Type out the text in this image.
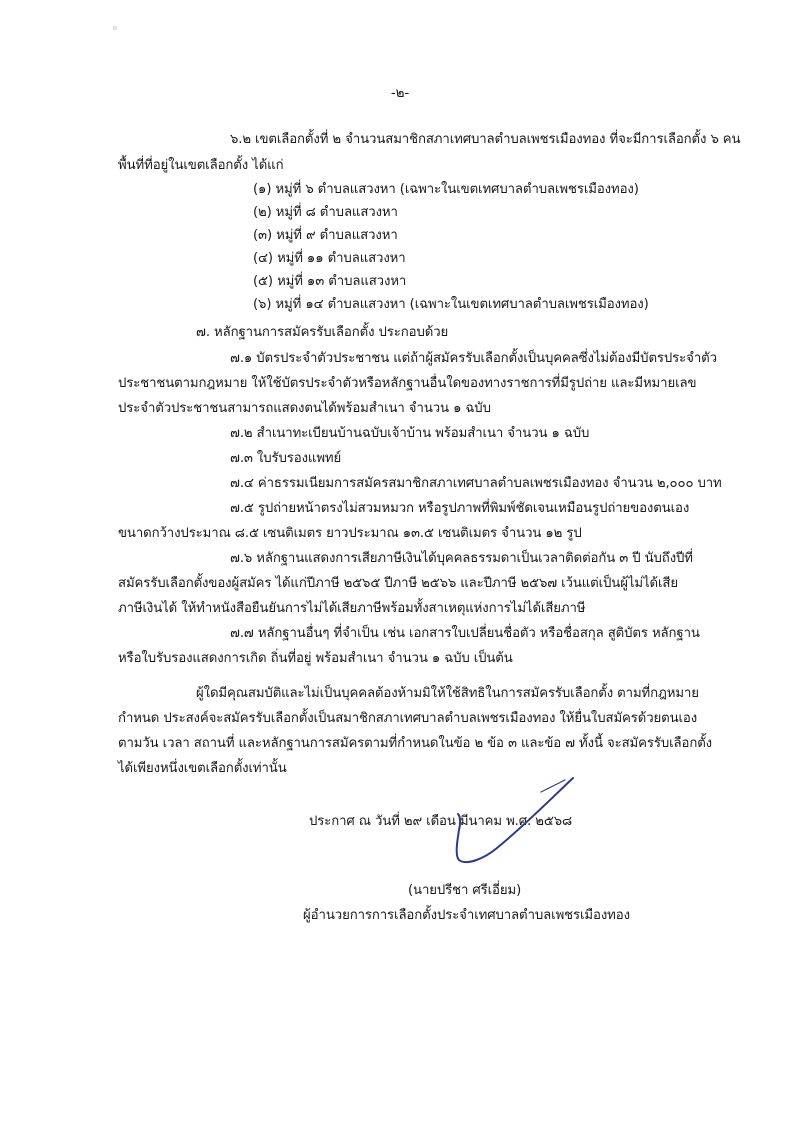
๑
-๒-
๖.๒ เขตเลือกตั้งที่ ๒ จำนวนสมาชิกสภาเทศบาลตำบลเพชรเมืองทอง ที่จะมีการเลือกตั้ง ๖ คน
พื้นที่ที่อยู่ในเขตเลือกตั้ง ได้แก่
(๑) หมู่ที่ ๖ ตำบลแสวงหา (เฉพาะในเขตเทศบาลตำบลเพชรเมืองทอง)
(๒) หมู่ที่ ๘ ตำบลแสวงหา
(๓) หมู่ที่ ๙ ตำบลแสวงหา
(๔) หมู่ที่ ๑๑ ตำบลแสวงหา
(๕) หมู่ที่ ๑๓ ตำบลแสวงหา
(๖) หมู่ที่ ๑๔ ตำบลแสวงหา (เฉพาะในเขตเทศบาลตำบลเพชรเมืองทอง)
๗. หลักฐานการสมัครรับเลือกตั้ง ประกอบด้วย
๗.๑ บัตรประจำตัวประชาชน แต่ถ้าผู้สมัครรับเลือกตั้งเป็นบุคคลซึ่งไม่ต้องมีบัตรประจำตัว
ประชาชนตามกฎหมาย ให้ใช้บัตรประจำตัวหรือหลักฐานอื่นใดของทางราชการที่มีรูปถ่าย และมีหมายเลข
ประจำตัวประชาชนสามารถแสดงตนได้พร้อมสำเนา จำนวน ๑ ฉบับ
๗.๒ สำเนาทะเบียนบ้านฉบับเจ้าบ้าน พร้อมสำเนา จำนวน ๑ ฉบับ
๗.๓ ใบรับรองแพทย์
๗.๔ ค่าธรรมเนียมการสมัครสมาชิกสภาเทศบาลตำบลเพชรเมืองทอง จำนวน ๒,๐๐๐ บาท
๗.๕ รูปถ่ายหน้าตรงไม่สวมหมวก หรือรูปภาพที่พิมพ์ชัดเจนเหมือนรูปถ่ายของตนเอง
ขนาดกว้างประมาณ ๘.๕ เซนติเมตร ยาวประมาณ ๑๓.๕ เซนติเมตร จำนวน ๑๒ รูป
๗.๖ หลักฐานแสดงการเสียภาษีเงินได้บุคคลธรรมดาเป็นเวลาติดต่อกัน ๓ ปี นับถึงปีที่
สมัครรับเลือกตั้งของผู้สมัคร ได้แก่ปีภาษี ๒๕๖๕ ปีภาษี ๒๕๖๖ และปีภาษี ๒๕๖๗ เว้นแต่เป็นผู้ไม่ได้เสีย
ภาษีเงินได้ ให้ทำหนังสือยืนยันการไม่ได้เสียภาษีพร้อมทั้งสาเหตุแห่งการไม่ได้เสียภาษี
๗.๗ หลักฐานอื่นๆ ที่จำเป็น เช่น เอกสารใบเปลี่ยนชื่อตัว หรือชื่อสกุล สูติบัตร หลักฐาน
หรือใบรับรองแสดงการเกิด ถิ่นที่อยู่ พร้อมสำเนา จำนวน ๑ ฉบับ เป็นต้น
ผู้ใดมีคุณสมบัติและไม่เป็นบุคคลต้องห้ามมิให้ใช้สิทธิในการสมัครรับเลือกตั้ง ตามที่กฎหมาย
กำหนด ประสงค์จะสมัครรับเลือกตั้งเป็นสมาชิกสภาเทศบาลตำบลเพชรเมืองทอง ให้ยื่นใบสมัครด้วยตนเอง
ตามวัน เวลา สถานที่ และหลักฐานการสมัครตามที่กำหนดในข้อ ๒ ข้อ ๓ และข้อ ๗ ทั้งนี้ จะสมัครรับเลือกตั้ง
ได้เพียงหนึ่งเขตเลือกตั้งเท่านั้น
ประกาศ ณ วันที่ ๒๙ เดือน มีนาคม พ.ศ. ๒๕๖๘
(นายปรีชา ศรีเอี่ยม)
ผู้อำนวยการการเลือกตั้งประจำเทศบาลตำบลเพชรเมืองทอง
